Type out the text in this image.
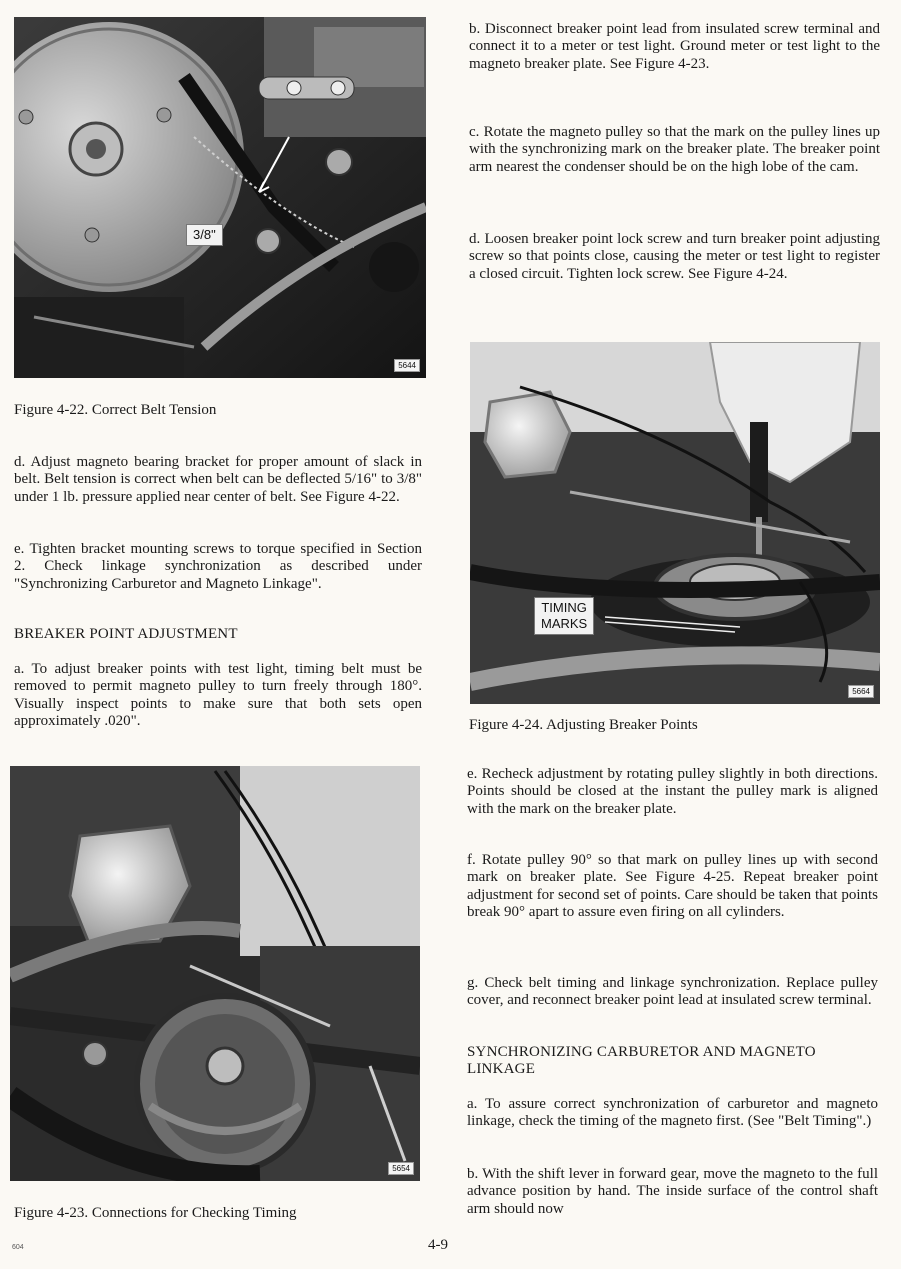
3/8"
5644
Figure 4-22. Correct Belt Tension
d. Adjust magneto bearing bracket for proper amount of slack in belt. Belt tension is correct when belt can be deflected 5/16" to 3/8" under 1 lb. pressure applied near center of belt. See Figure 4-22.
e. Tighten bracket mounting screws to torque specified in Section 2. Check linkage synchronization as described under "Synchronizing Carburetor and Magneto Linkage".
BREAKER POINT ADJUSTMENT
a. To adjust breaker points with test light, timing belt must be removed to permit magneto pulley to turn freely through 180°. Visually inspect points to make sure that both sets open approximately .020".
5654
Figure 4-23. Connections for Checking Timing
b. Disconnect breaker point lead from insulated screw terminal and connect it to a meter or test light. Ground meter or test light to the magneto breaker plate. See Figure 4-23.
c. Rotate the magneto pulley so that the mark on the pulley lines up with the synchronizing mark on the breaker plate. The breaker point arm nearest the condenser should be on the high lobe of the cam.
d. Loosen breaker point lock screw and turn breaker point adjusting screw so that points close, causing the meter or test light to register a closed circuit. Tighten lock screw. See Figure 4-24.
TIMING
MARKS
5664
Figure 4-24. Adjusting Breaker Points
e. Recheck adjustment by rotating pulley slightly in both directions. Points should be closed at the instant the pulley mark is aligned with the mark on the breaker plate.
f. Rotate pulley 90° so that mark on pulley lines up with second mark on breaker plate. See Figure 4-25. Repeat breaker point adjustment for second set of points. Care should be taken that points break 90° apart to assure even firing on all cylinders.
g. Check belt timing and linkage synchronization. Replace pulley cover, and reconnect breaker point lead at insulated screw terminal.
SYNCHRONIZING CARBURETOR AND MAGNETO LINKAGE
a. To assure correct synchronization of carburetor and magneto linkage, check the timing of the magneto first. (See "Belt Timing".)
b. With the shift lever in forward gear, move the magneto to the full advance position by hand. The inside surface of the control shaft arm should now
604	4-9
